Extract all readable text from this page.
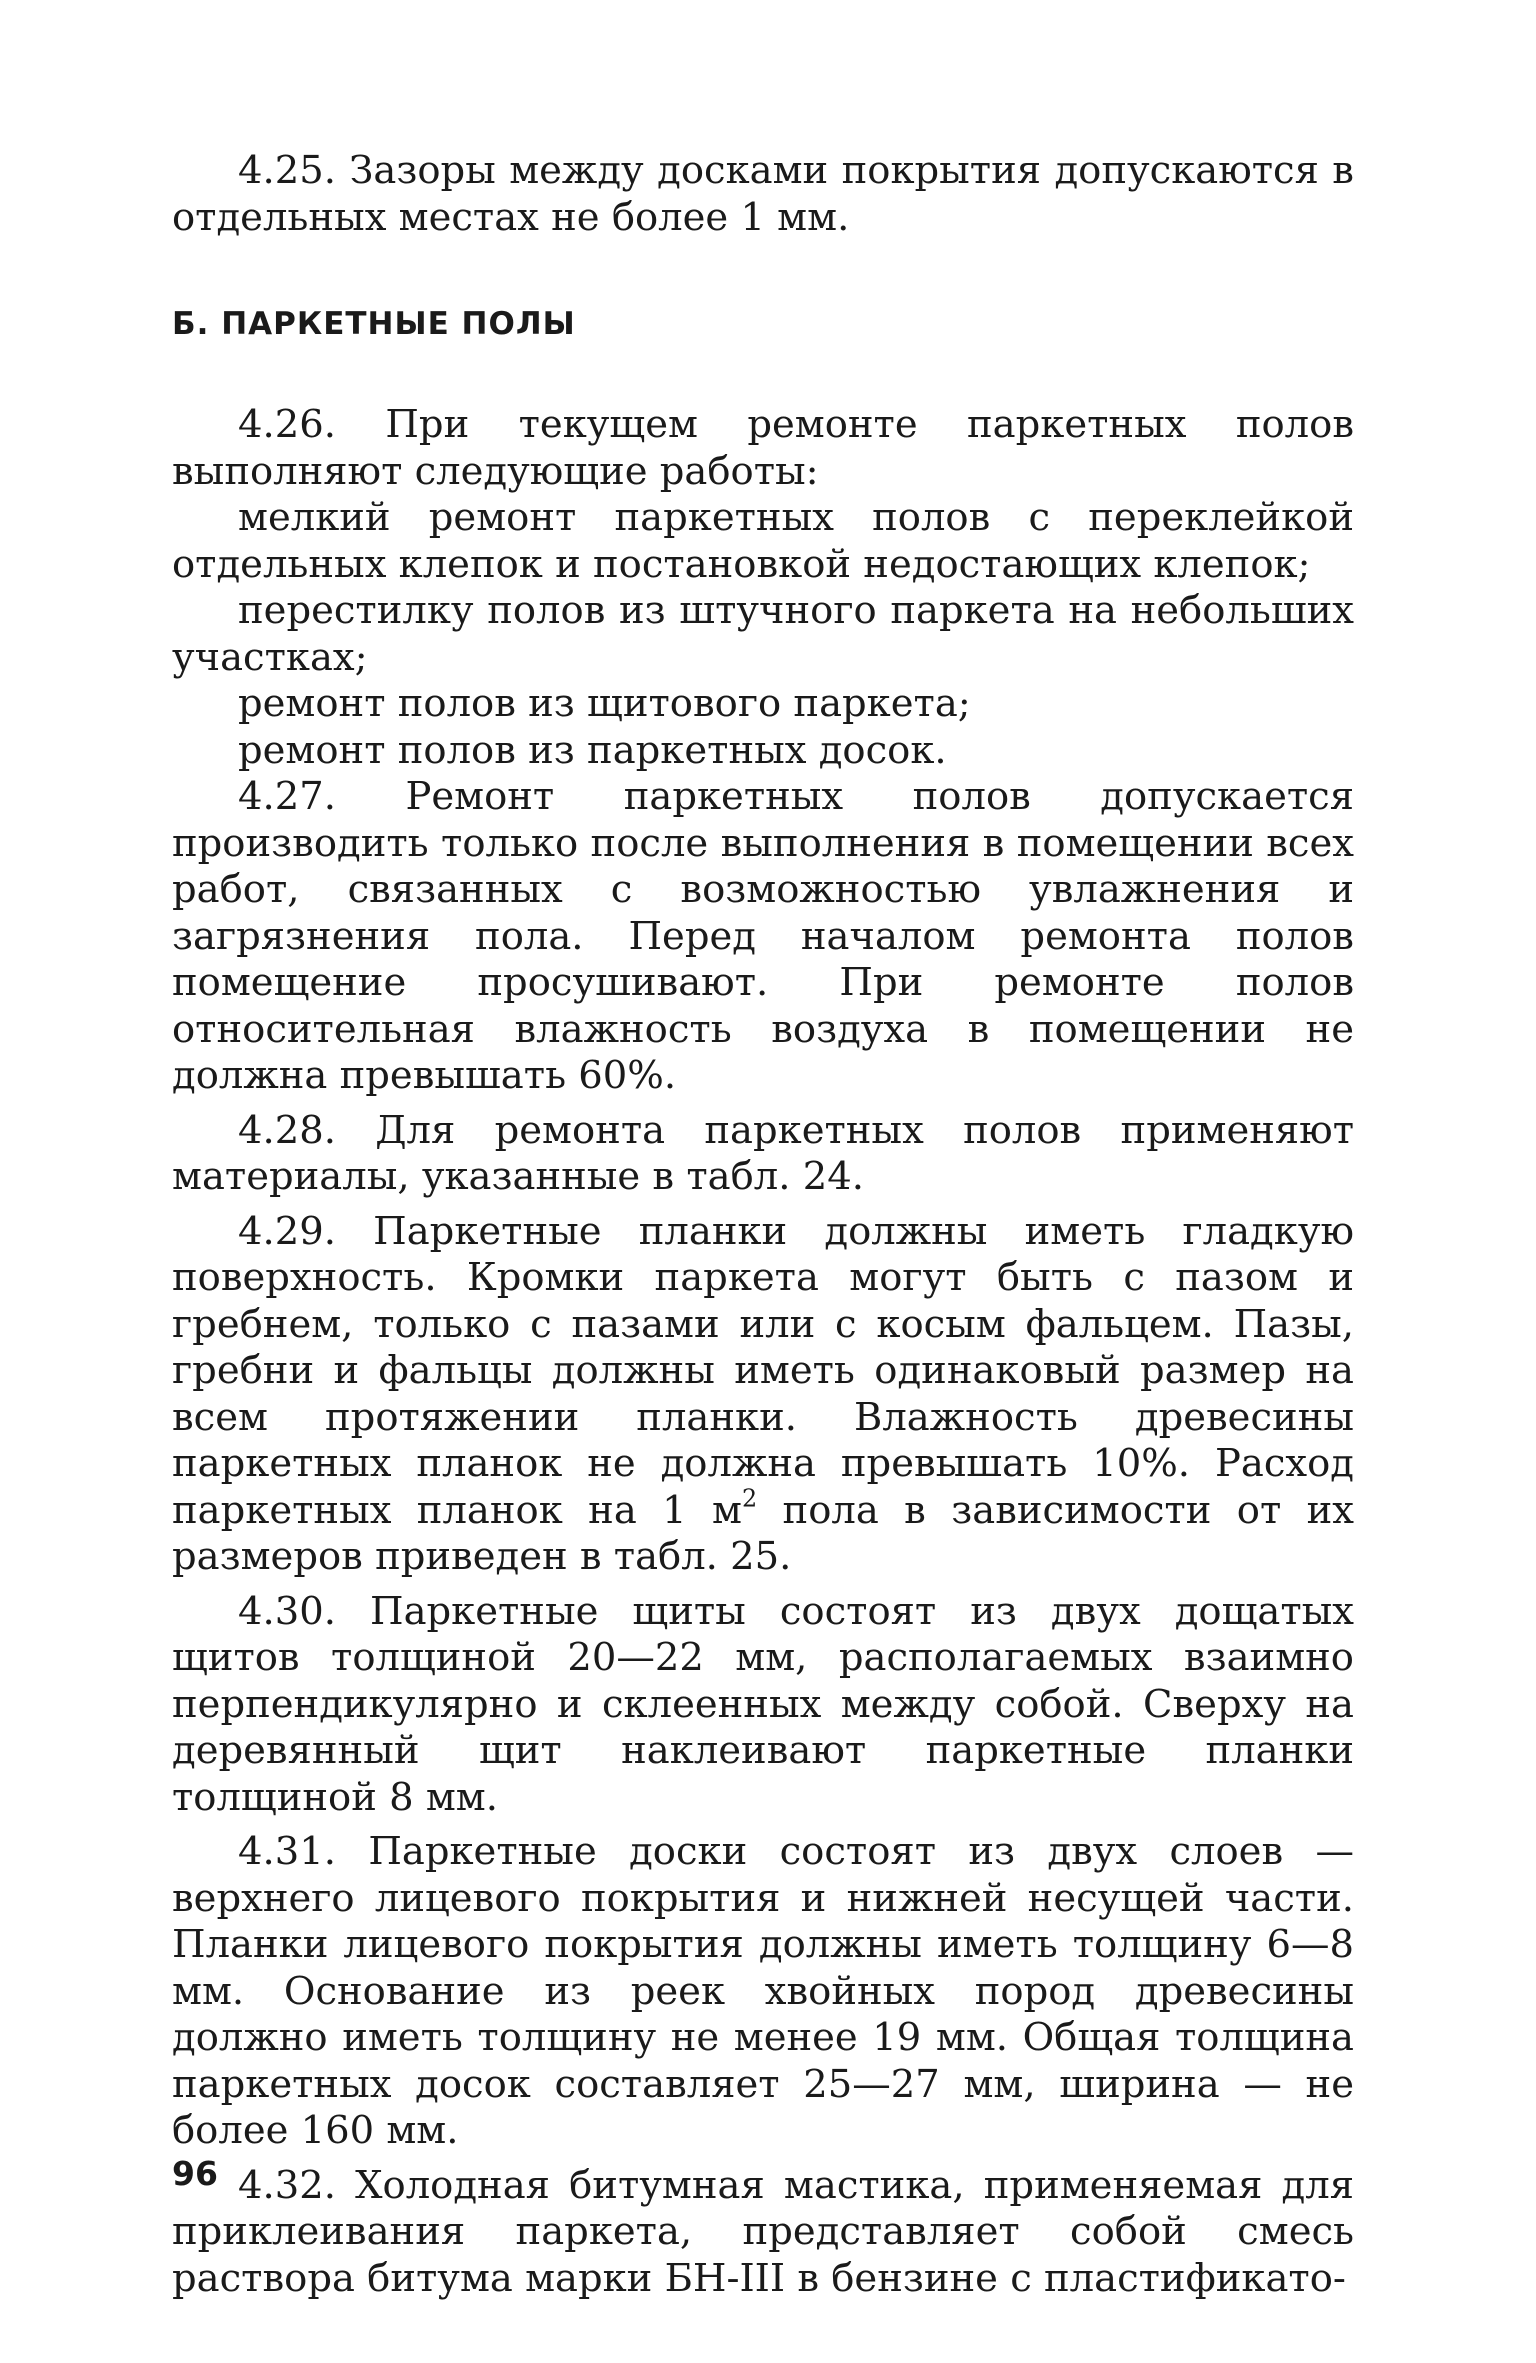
4.25. Зазоры между досками покрытия допускаются в отдельных местах не более 1 мм.

Б. ПАРКЕТНЫЕ ПОЛЫ

4.26. При текущем ремонте паркетных полов выполняют следующие работы:

мелкий ремонт паркетных полов с переклейкой отдельных клепок и постановкой недостающих клепок;

перестилку полов из штучного паркета на небольших участках;

ремонт полов из щитового паркета;

ремонт полов из паркетных досок.

4.27. Ремонт паркетных полов допускается производить только после выполнения в помещении всех работ, связанных с возможностью увлажнения и загрязнения пола. Перед началом ремонта полов помещение просушивают. При ремонте полов относительная влажность воздуха в помещении не должна превышать 60%.

4.28. Для ремонта паркетных полов применяют материалы, указанные в табл. 24.

4.29. Паркетные планки должны иметь гладкую поверхность. Кромки паркета могут быть с пазом и гребнем, только с пазами или с косым фальцем. Пазы, гребни и фальцы должны иметь одинаковый размер на всем протяжении планки. Влажность древесины паркетных планок не должна превышать 10%. Расход паркетных планок на 1 $м^2$ пола в зависимости от их размеров приведен в табл. 25.

4.30. Паркетные щиты состоят из двух дощатых щитов толщиной 20—22 мм, располагаемых взаимно перпендикулярно и склеенных между собой. Сверху на деревянный щит наклеивают паркетные планки толщиной 8 мм.

4.31. Паркетные доски состоят из двух слоев — верхнего лицевого покрытия и нижней несущей части. Планки лицевого покрытия должны иметь толщину 6—8 мм. Основание из реек хвойных пород древесины должно иметь толщину не менее 19 мм. Общая толщина паркетных досок составляет 25—27 мм, ширина — не более 160 мм.

4.32. Холодная битумная мастика, применяемая для приклеивания паркета, представляет собой смесь раствора битума марки БН-III в бензине с пластификато-

96
